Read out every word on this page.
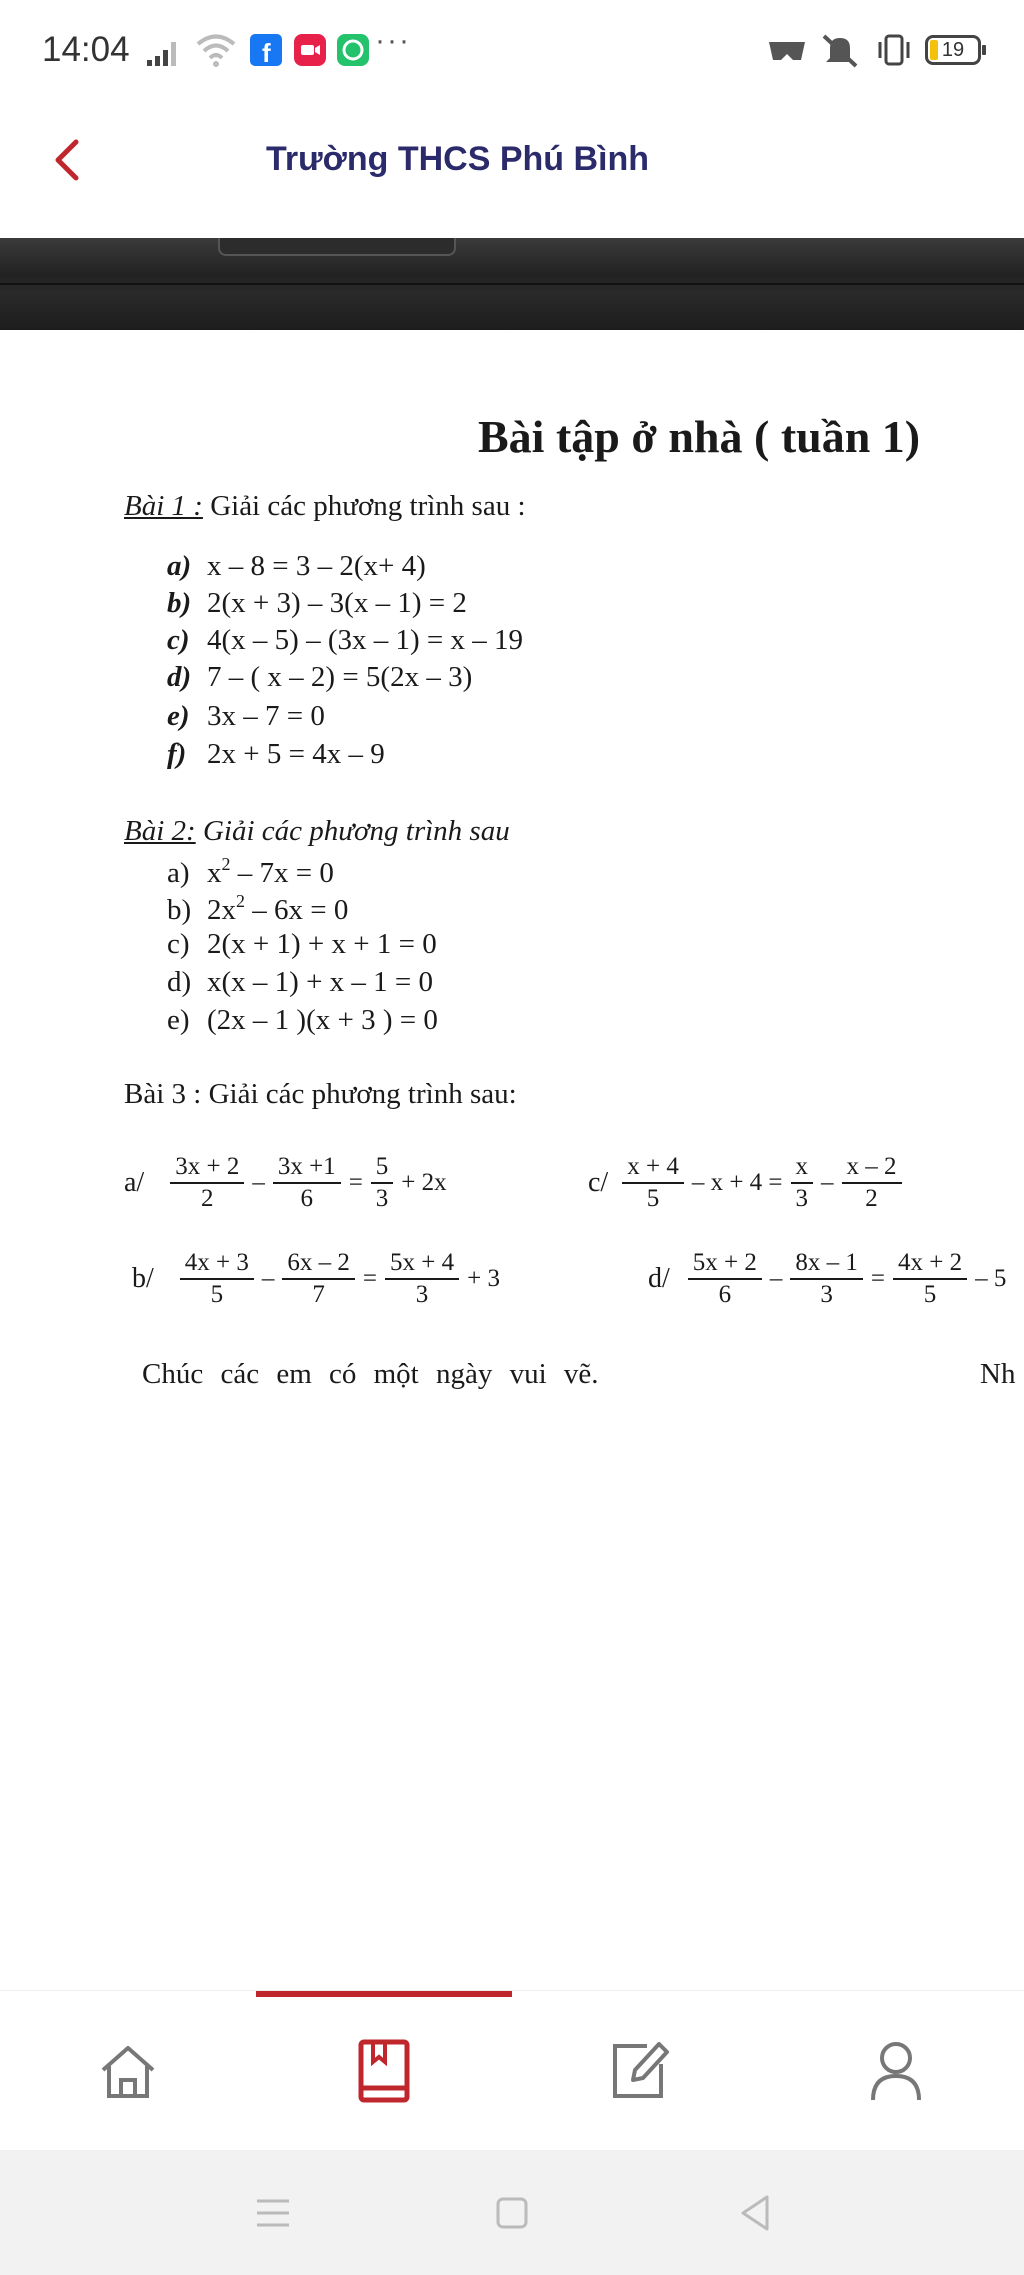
14:04	f	···	19
Trường THCS Phú Bình
Bài tập ở nhà ( tuần 1)
Bài 1 : Giải các phương trình sau :
a) x – 8 = 3 – 2(x+ 4)
b) 2(x + 3) – 3(x – 1) = 2
c) 4(x – 5) – (3x – 1) = x – 19
d) 7 – ( x – 2) = 5(2x – 3)
e) 3x – 7 = 0
f) 2x + 5 = 4x – 9
Bài 2: Giải các phương trình sau
a) $x^2 - 7x = 0$
b) $2x^2 - 6x = 0$
c) 2(x + 1) + x + 1 = 0
d) x(x – 1) + x – 1 = 0
e) (2x – 1 )(x + 3 ) = 0
Bài 3 : Giải các phương trình sau:
$a/ \frac{3x + 2}{2} - \frac{3x +1}{6} = \frac{5}{3} + 2x$	$c/ \frac{x + 4}{5} - x + 4 = \frac{x}{3} - \frac{x - 2}{2}$
$b/ \frac{4x + 3}{5} - \frac{6x - 2}{7} = \frac{5x + 4}{3} + 3$	$d/ \frac{5x + 2}{6} - \frac{8x - 1}{3} = \frac{4x + 2}{5} - 5$
Chúc các em có một ngày vui vẽ.	Nh
